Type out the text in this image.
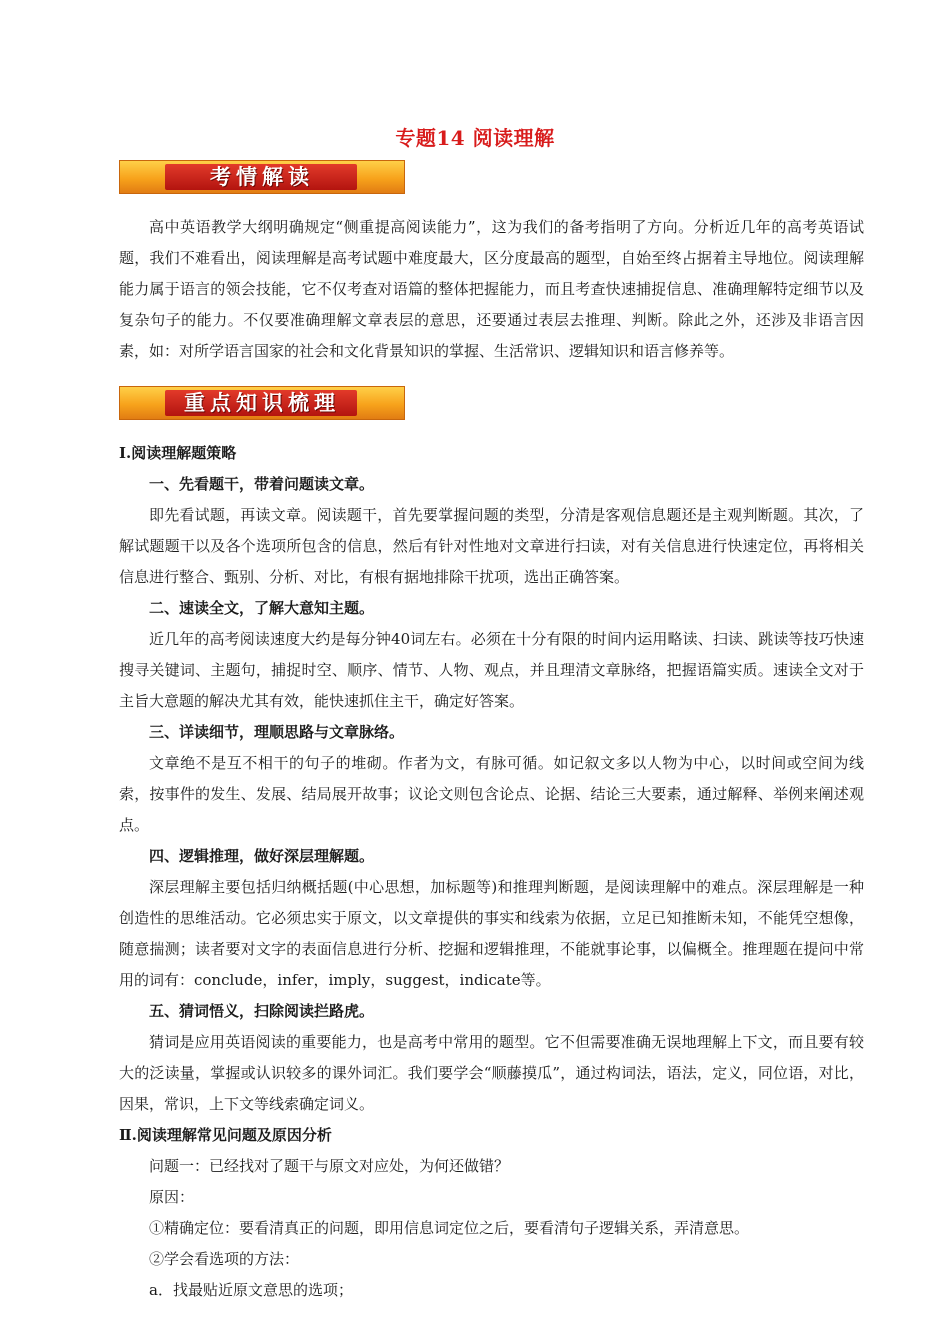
专题14 阅读理解
考情解读

高中英语教学大纲明确规定“侧重提高阅读能力”，这为我们的备考指明了方向。分析近几年的高考英语试题，我们不难看出，阅读理解是高考试题中难度最大，区分度最高的题型，自始至终占据着主导地位。阅读理解能力属于语言的领会技能，它不仅考查对语篇的整体把握能力，而且考查快速捕捉信息、准确理解特定细节以及复杂句子的能力。不仅要准确理解文章表层的意思，还要通过表层去推理、判断。除此之外，还涉及非语言因素，如：对所学语言国家的社会和文化背景知识的掌握、生活常识、逻辑知识和语言修养等。

重点知识梳理

Ⅰ.阅读理解题策略

一、先看题干，带着问题读文章。

即先看试题，再读文章。阅读题干，首先要掌握问题的类型，分清是客观信息题还是主观判断题。其次，了解试题题干以及各个选项所包含的信息，然后有针对性地对文章进行扫读，对有关信息进行快速定位，再将相关信息进行整合、甄别、分析、对比，有根有据地排除干扰项，选出正确答案。

二、速读全文，了解大意知主题。

近几年的高考阅读速度大约是每分钟40词左右。必须在十分有限的时间内运用略读、扫读、跳读等技巧快速搜寻关键词、主题句，捕捉时空、顺序、情节、人物、观点，并且理清文章脉络，把握语篇实质。速读全文对于主旨大意题的解决尤其有效，能快速抓住主干，确定好答案。

三、详读细节，理顺思路与文章脉络。

文章绝不是互不相干的句子的堆砌。作者为文，有脉可循。如记叙文多以人物为中心，以时间或空间为线索，按事件的发生、发展、结局展开故事；议论文则包含论点、论据、结论三大要素，通过解释、举例来阐述观点。

四、逻辑推理，做好深层理解题。

深层理解主要包括归纳概括题(中心思想，加标题等)和推理判断题，是阅读理解中的难点。深层理解是一种创造性的思维活动。它必须忠实于原文，以文章提供的事实和线索为依据，立足已知推断未知，不能凭空想像，随意揣测；读者要对文字的表面信息进行分析、挖掘和逻辑推理，不能就事论事，以偏概全。推理题在提问中常用的词有：conclude，infer，imply，suggest，indicate等。

五、猜词悟义，扫除阅读拦路虎。

猜词是应用英语阅读的重要能力，也是高考中常用的题型。它不但需要准确无误地理解上下文，而且要有较大的泛读量，掌握或认识较多的课外词汇。我们要学会“顺藤摸瓜”，通过构词法，语法，定义，同位语，对比，因果，常识，上下文等线索确定词义。

Ⅱ.阅读理解常见问题及原因分析

问题一：已经找对了题干与原文对应处，为何还做错？

原因：

①精确定位：要看清真正的问题，即用信息词定位之后，要看清句子逻辑关系，弄清意思。

②学会看选项的方法：

a．找最贴近原文意思的选项；
